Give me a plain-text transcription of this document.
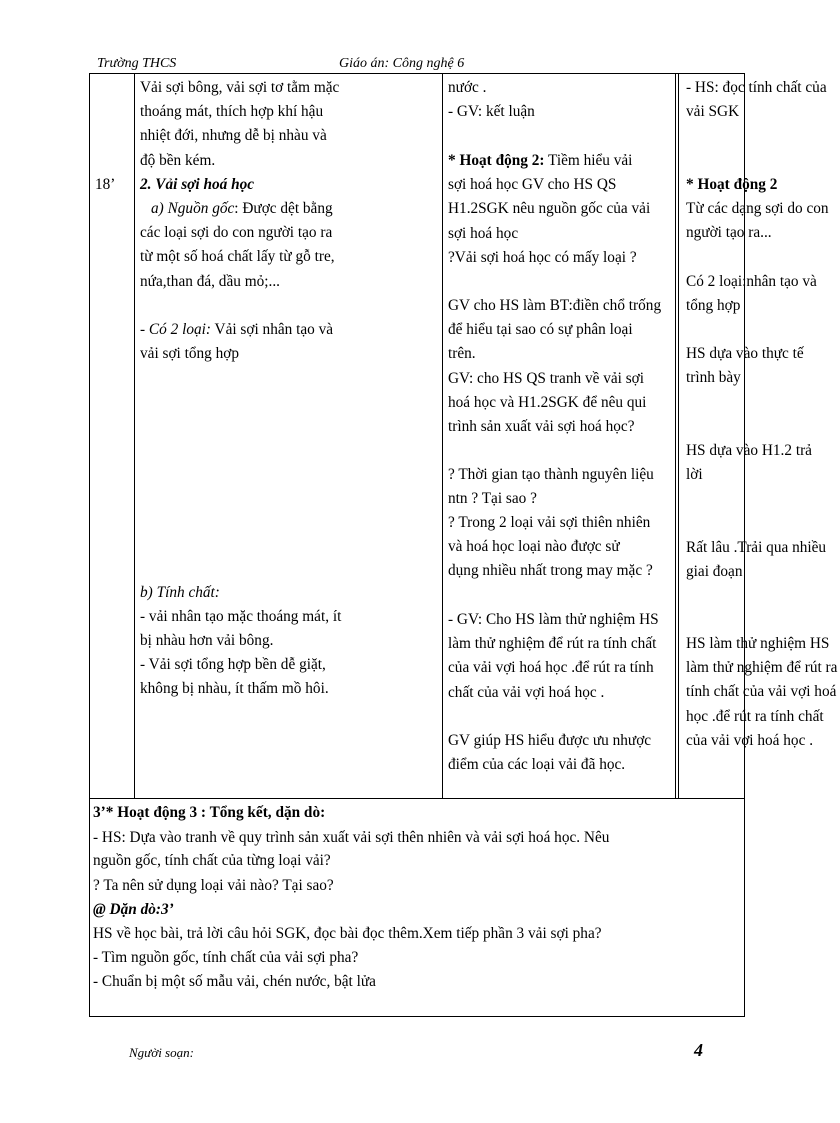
Trường THCS	Giáo án: Công nghệ 6
18’
Vải sợi bông, vải sợi tơ tằm mặc thoáng mát, thích hợp khí hậu nhiệt đới, nhưng dễ bị nhàu và độ bền kém.
2. Vải sợi hoá học
a) Nguồn gốc: Được dệt bằng các loại sợi do con người tạo ra từ một số hoá chất lấy từ gỗ tre, nứa,than đá, dầu mỏ;...
- Có 2 loại: Vải sợi nhân tạo và vải sợi tổng hợp
b) Tính chất:
- vải nhân tạo mặc thoáng mát, ít bị nhàu hơn vải bông.
- Vải sợi tổng hợp bền dễ giặt, không bị nhàu, ít thấm mồ hôi.
nước .
- GV: kết luận
* Hoạt động 2: Tiềm hiểu vải sợi hoá học GV cho HS QS H1.2SGK nêu nguồn gốc của vải sợi hoá học
?Vải sợi hoá học có mấy loại ?
GV cho HS làm BT:điền chổ trống để hiểu tại sao có sự phân loại trên.
GV: cho HS QS tranh về vải sợi hoá học và H1.2SGK để nêu qui trình sản xuất vải sợi hoá học?
? Thời gian tạo thành nguyên liệu ntn ? Tại sao ?
? Trong 2 loại vải sợi thiên nhiên và hoá học loại nào được sử dụng nhiều nhất trong may mặc ?
- GV: Cho HS làm thử nghiệm HS làm thử nghiệm để rút ra tính chất của vải vợi hoá học .để rút ra tính chất của vải vợi hoá học .
GV giúp HS hiểu được ưu nhược điểm của các loại vải đã học.
- HS: đọc tính chất của vải SGK
* Hoạt động 2
Từ các dạng sợi do con người tạo ra...
Có 2 loại:nhân tạo và tổng hợp
HS dựa vào thực tế trình bày
HS dựa vào H1.2 trả lời
Rất lâu .Trải qua nhiều giai đoạn
HS làm thử nghiệm HS làm thử nghiệm để rút ra tính chất của vải vợi hoá học .để rút ra tính chất của vải vợi hoá học .
3’* Hoạt động 3 : Tổng kết, dặn dò:
- HS: Dựa vào tranh về quy trình sản xuất vải sợi thên nhiên và vải sợi hoá học. Nêu
nguồn gốc, tính chất của từng loại vải?
? Ta nên sử dụng loại vải nào? Tại sao?
@ Dặn dò:3’
HS về học bài, trả lời câu hỏi SGK, đọc bài đọc thêm.Xem tiếp phần 3 vải sợi pha?
- Tìm nguồn gốc, tính chất của vải sợi pha?
- Chuẩn bị một số mẫu vải, chén nước, bật lửa
Người soạn:	4
